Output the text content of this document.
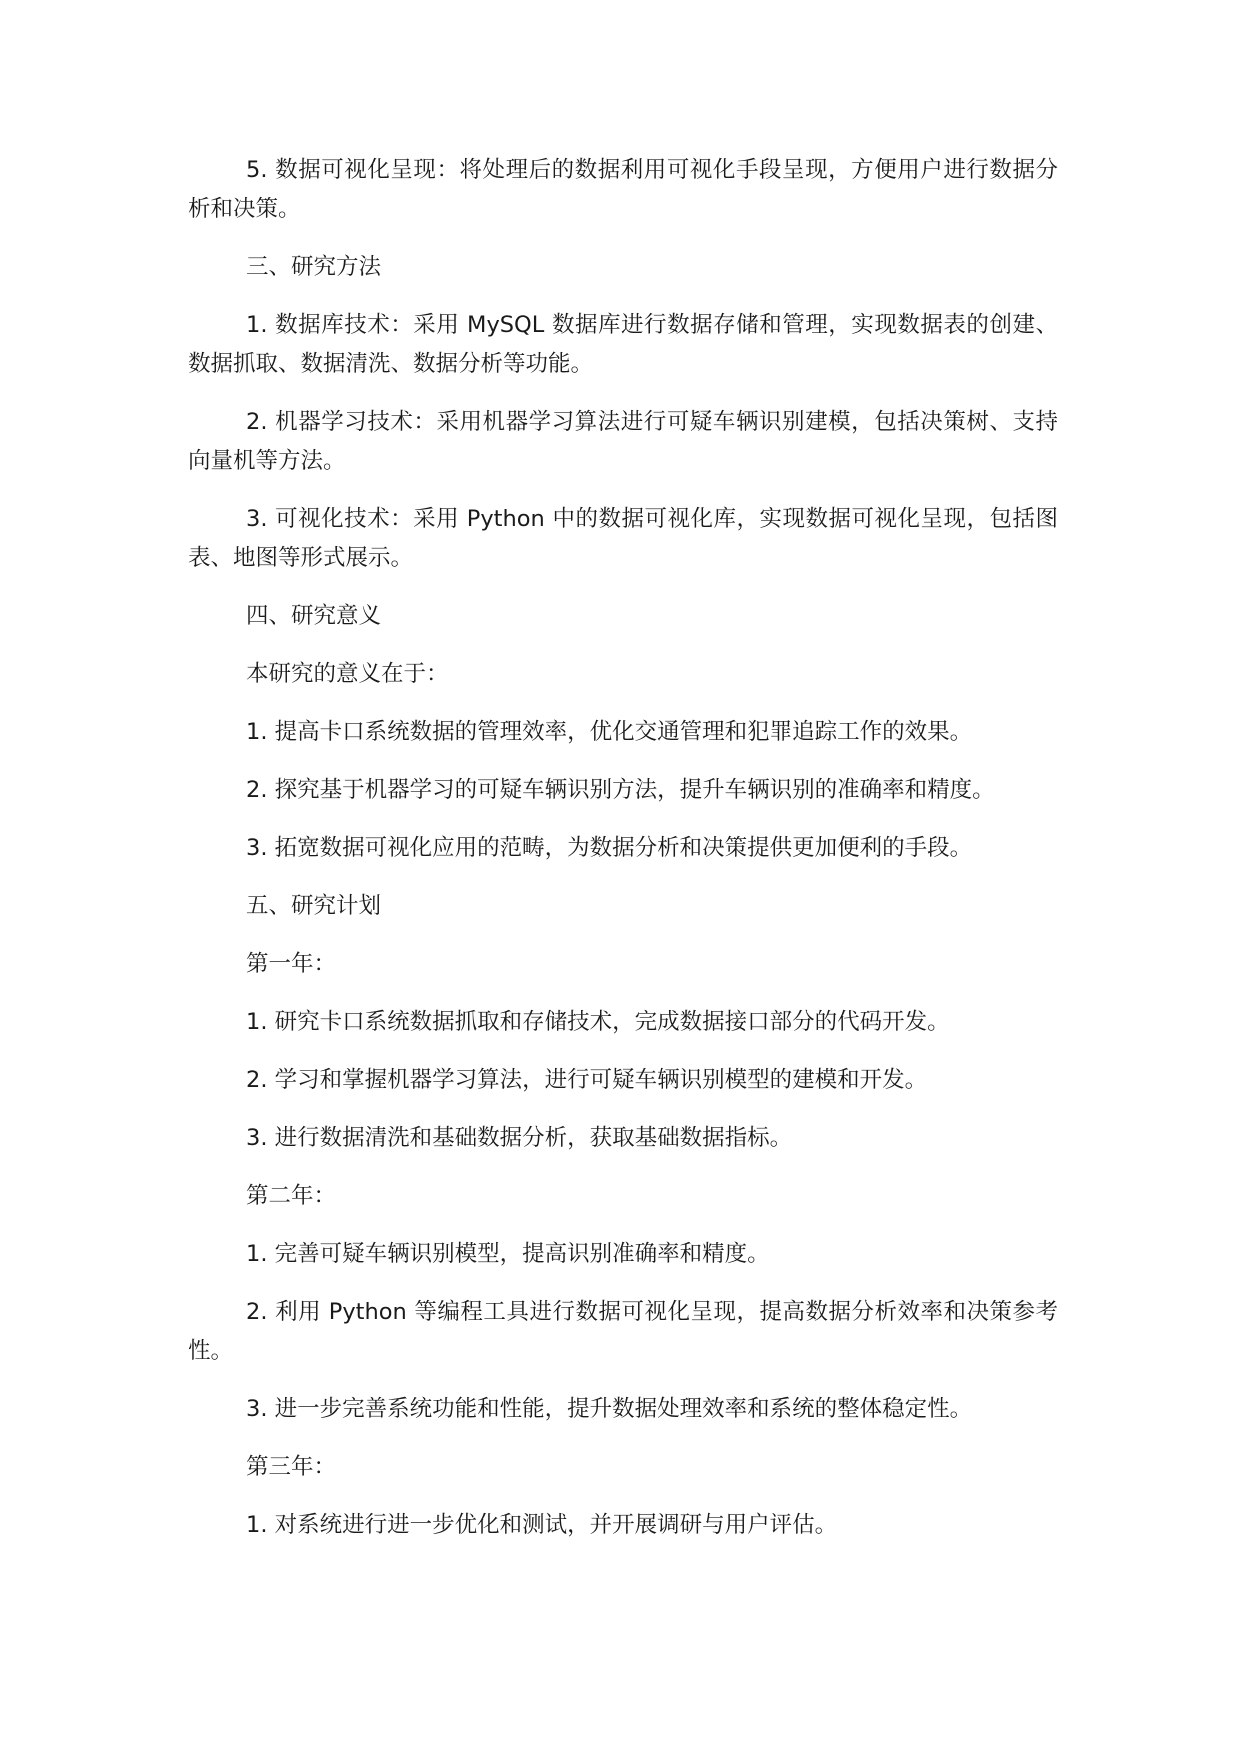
5. 数据可视化呈现：将处理后的数据利用可视化手段呈现，方便用户进行数据分析和决策。

三、研究方法

1. 数据库技术：采用 MySQL 数据库进行数据存储和管理，实现数据表的创建、数据抓取、数据清洗、数据分析等功能。

2. 机器学习技术：采用机器学习算法进行可疑车辆识别建模，包括决策树、支持向量机等方法。

3. 可视化技术：采用 Python 中的数据可视化库，实现数据可视化呈现，包括图表、地图等形式展示。

四、研究意义

本研究的意义在于：

1. 提高卡口系统数据的管理效率，优化交通管理和犯罪追踪工作的效果。

2. 探究基于机器学习的可疑车辆识别方法，提升车辆识别的准确率和精度。

3. 拓宽数据可视化应用的范畴，为数据分析和决策提供更加便利的手段。

五、研究计划

第一年：

1. 研究卡口系统数据抓取和存储技术，完成数据接口部分的代码开发。

2. 学习和掌握机器学习算法，进行可疑车辆识别模型的建模和开发。

3. 进行数据清洗和基础数据分析，获取基础数据指标。

第二年：

1. 完善可疑车辆识别模型，提高识别准确率和精度。

2. 利用 Python 等编程工具进行数据可视化呈现，提高数据分析效率和决策参考性。

3. 进一步完善系统功能和性能，提升数据处理效率和系统的整体稳定性。

第三年：

1. 对系统进行进一步优化和测试，并开展调研与用户评估。
